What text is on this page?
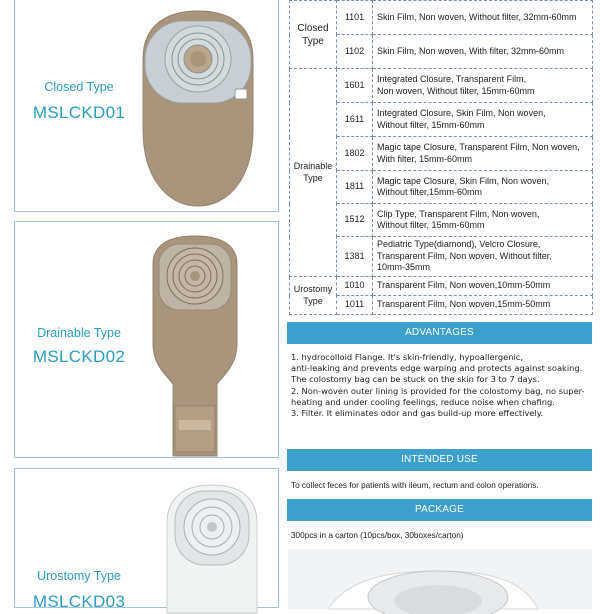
Closed Type
MSLCKD01
Drainable Type
MSLCKD02
Urostomy Type
MSLCKD03
Closed
Type	1101	Skin Film, Non woven, Without filter, 32mm-60mm
	1102	Skin Film, Non woven, With filter, 32mm-60mm
Drainable
Type	1601	Integrated Closure, Transparent Film,
Non woven, Without filter, 15mm-60mm
	1611	Integrated Closure, Skin Film, Non woven,
Without filter, 15mm-60mm
	1802	Magic tape Closure, Transparent Film, Non woven,
With filter, 15mm-60mm
	1811	Magic tape Closure, Skin Film, Non woven,
Without filter,15mm-60mm
	1512	Clip Type, Transparent Film, Non woven,
Without filter, 15mm-60mm
	1381	Pediatric Type(diamond), Velcro Closure,
Transparent Film, Non woven, Without filter,
10mm-35mm
Urostomy
Type	1010	Transparent Film, Non woven,10mm-50mm
	1011	Transparent Film, Non woven,15mm-50mm
ADVANTAGES
1. hydrocolloid Flange. It's skin-friendly, hypoallergenic,
anti-leaking and prevents edge warping and protects against soaking.
The colostomy bag can be stuck on the skin for 3 to 7 days.
2. Non-woven outer lining is provided for the colostomy bag, no super-
heating and under cooling feelings, reduce noise when chafing.
3. Filter. It eliminates odor and gas build-up more effectively.
INTENDED USE
To collect feces for patients with ileum, rectum and colon operations.
PACKAGE
300pcs in a carton (10pcs/box, 30boxes/carton)
